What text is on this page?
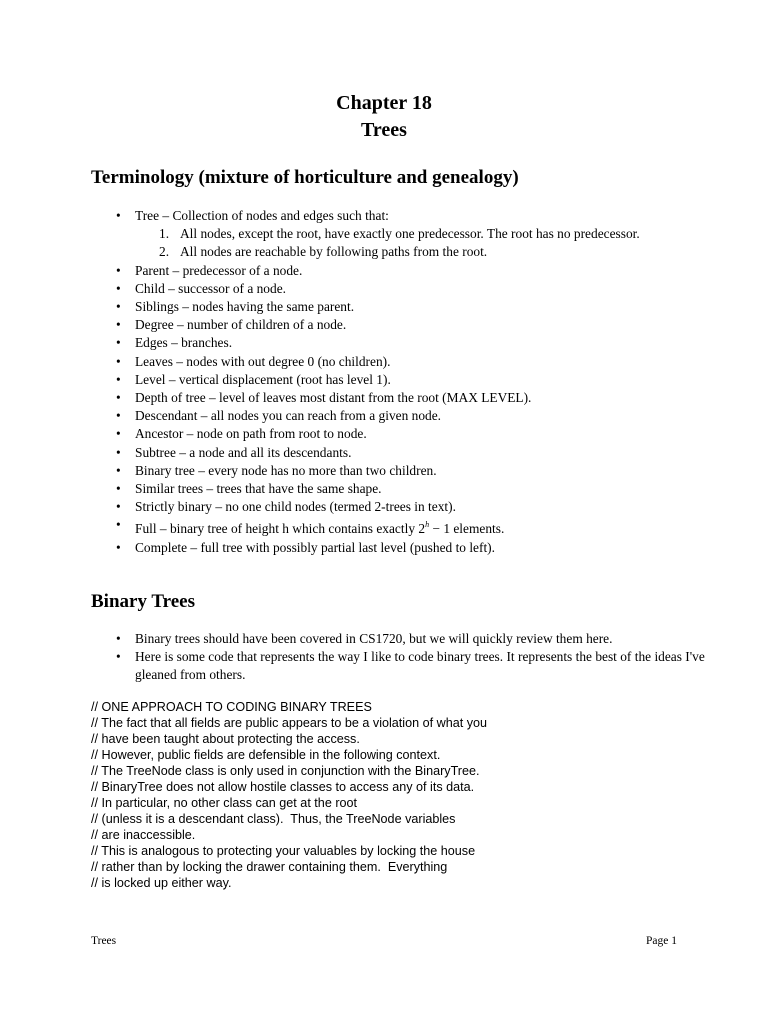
Chapter 18
Trees
Terminology (mixture of horticulture and genealogy)
• Tree – Collection of nodes and edges such that:
1. All nodes, except the root, have exactly one predecessor. The root has no predecessor.
2. All nodes are reachable by following paths from the root.
• Parent – predecessor of a node.
• Child – successor of a node.
• Siblings – nodes having the same parent.
• Degree – number of children of a node.
• Edges – branches.
• Leaves – nodes with out degree 0 (no children).
• Level – vertical displacement (root has level 1).
• Depth of tree – level of leaves most distant from the root (MAX LEVEL).
• Descendant – all nodes you can reach from a given node.
• Ancestor – node on path from root to node.
• Subtree – a node and all its descendants.
• Binary tree – every node has no more than two children.
• Similar trees – trees that have the same shape.
• Strictly binary – no one child nodes (termed 2-trees in text).
• Full – binary tree of height h which contains exactly $2^h - 1$ elements.
• Complete – full tree with possibly partial last level (pushed to left).
Binary Trees
• Binary trees should have been covered in CS1720, but we will quickly review them here.
• Here is some code that represents the way I like to code binary trees. It represents the best of the ideas I've gleaned from others.
// ONE APPROACH TO CODING BINARY TREES
// The fact that all fields are public appears to be a violation of what you
// have been taught about protecting the access.
// However, public fields are defensible in the following context.
// The TreeNode class is only used in conjunction with the BinaryTree.
// BinaryTree does not allow hostile classes to access any of its data.
// In particular, no other class can get at the root
// (unless it is a descendant class).  Thus, the TreeNode variables
// are inaccessible.
// This is analogous to protecting your valuables by locking the house
// rather than by locking the drawer containing them.  Everything
// is locked up either way.
Trees	Page 1
